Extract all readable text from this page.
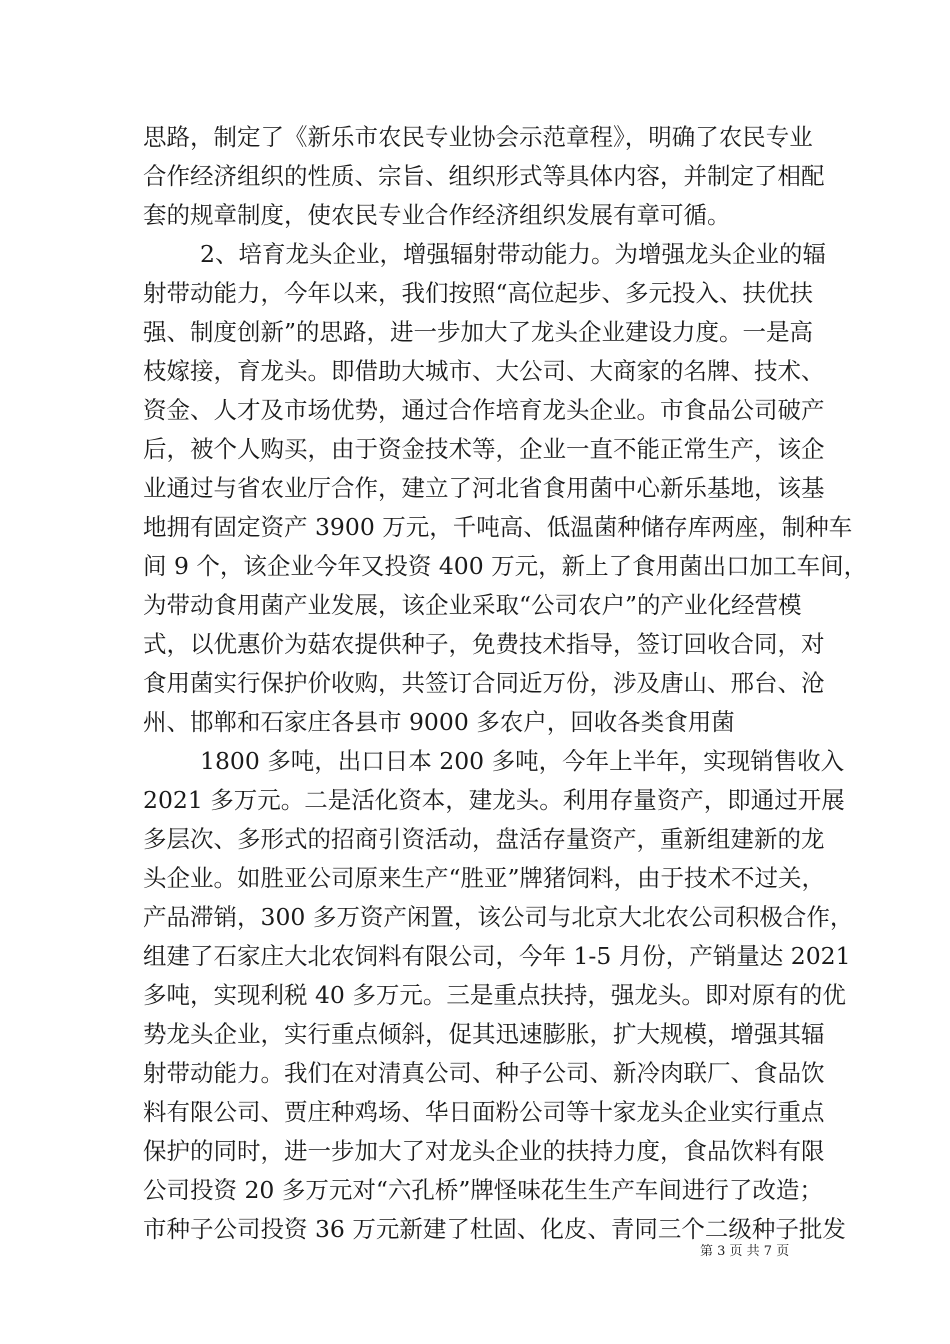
思路，制定了《新乐市农民专业协会示范章程》，明确了农民专业
合作经济组织的性质、宗旨、组织形式等具体内容，并制定了相配
套的规章制度，使农民专业合作经济组织发展有章可循。
2、培育龙头企业，增强辐射带动能力。为增强龙头企业的辐
射带动能力，今年以来，我们按照“高位起步、多元投入、扶优扶
强、制度创新”的思路，进一步加大了龙头企业建设力度。一是高
枝嫁接，育龙头。即借助大城市、大公司、大商家的名牌、技术、
资金、人才及市场优势，通过合作培育龙头企业。市食品公司破产
后，被个人购买，由于资金技术等，企业一直不能正常生产，该企
业通过与省农业厅合作，建立了河北省食用菌中心新乐基地，该基
地拥有固定资产 3900 万元，千吨高、低温菌种储存库两座，制种车
间 9 个，该企业今年又投资 400 万元，新上了食用菌出口加工车间，
为带动食用菌产业发展，该企业采取“公司农户”的产业化经营模
式，以优惠价为菇农提供种子，免费技术指导，签订回收合同，对
食用菌实行保护价收购，共签订合同近万份，涉及唐山、邢台、沧
州、邯郸和石家庄各县市 9000 多农户，回收各类食用菌
1800 多吨，出口日本 200 多吨，今年上半年，实现销售收入
2021 多万元。二是活化资本，建龙头。利用存量资产，即通过开展
多层次、多形式的招商引资活动，盘活存量资产，重新组建新的龙
头企业。如胜亚公司原来生产“胜亚”牌猪饲料，由于技术不过关，
产品滞销，300 多万资产闲置，该公司与北京大北农公司积极合作，
组建了石家庄大北农饲料有限公司，今年 1-5 月份，产销量达 2021
多吨，实现利税 40 多万元。三是重点扶持，强龙头。即对原有的优
势龙头企业，实行重点倾斜，促其迅速膨胀，扩大规模，增强其辐
射带动能力。我们在对清真公司、种子公司、新冷肉联厂、食品饮
料有限公司、贾庄种鸡场、华日面粉公司等十家龙头企业实行重点
保护的同时，进一步加大了对龙头企业的扶持力度，食品饮料有限
公司投资 20 多万元对“六孔桥”牌怪味花生生产车间进行了改造；
市种子公司投资 36 万元新建了杜固、化皮、青同三个二级种子批发
第 3 页 共 7 页
